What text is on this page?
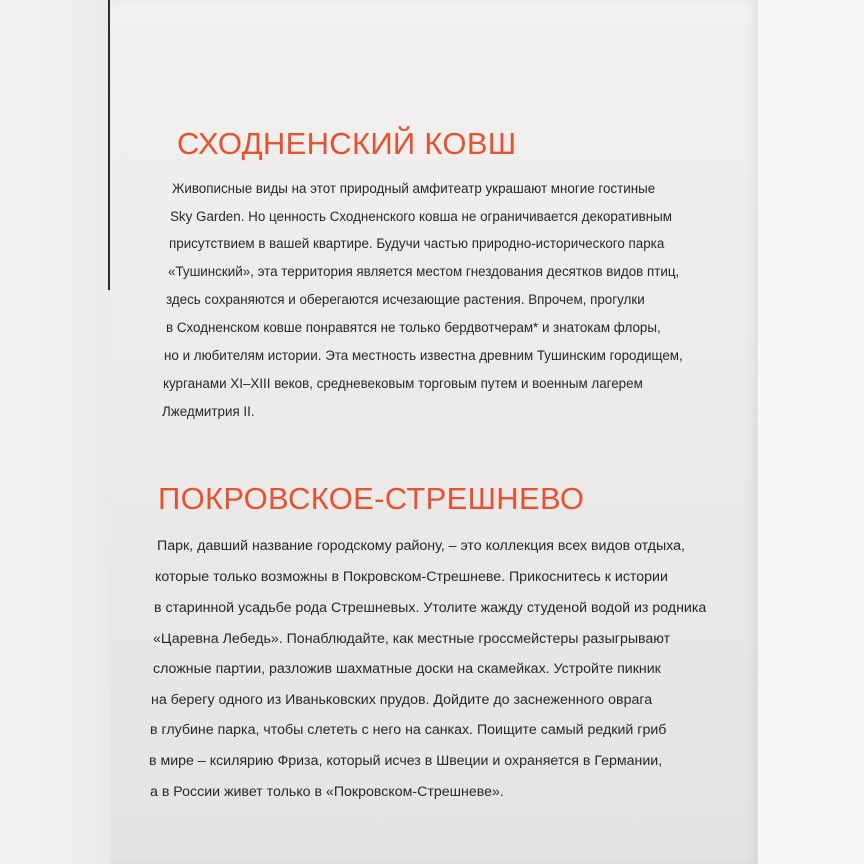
СХОДНЕНСКИЙ КОВШ
Живописные виды на этот природный амфитеатр украшают многие гостиные
Sky Garden. Но ценность Сходненского ковша не ограничивается декоративным
присутствием в вашей квартире. Будучи частью природно-исторического парка
«Тушинский», эта территория является местом гнездования десятков видов птиц,
здесь сохраняются и оберегаются исчезающие растения. Впрочем, прогулки
в Сходненском ковше понравятся не только бердвотчерам* и знатокам флоры,
но и любителям истории. Эта местность известна древним Тушинским городищем,
курганами XI–XIII веков, средневековым торговым путем и военным лагерем
Лжедмитрия II.
ПОКРОВСКОЕ-СТРЕШНЕВО
Парк, давший название городскому району, – это коллекция всех видов отдыха,
которые только возможны в Покровском-Стрешневе. Прикоснитесь к истории
в старинной усадьбе рода Стрешневых. Утолите жажду студеной водой из родника
«Царевна Лебедь». Понаблюдайте, как местные гроссмейстеры разыгрывают
сложные партии, разложив шахматные доски на скамейках. Устройте пикник
на берегу одного из Иваньковских прудов. Дойдите до заснеженного оврага
в глубине парка, чтобы слететь с него на санках. Поищите самый редкий гриб
в мире – ксилярию Фриза, который исчез в Швеции и охраняется в Германии,
а в России живет только в «Покровском-Стрешневе».
